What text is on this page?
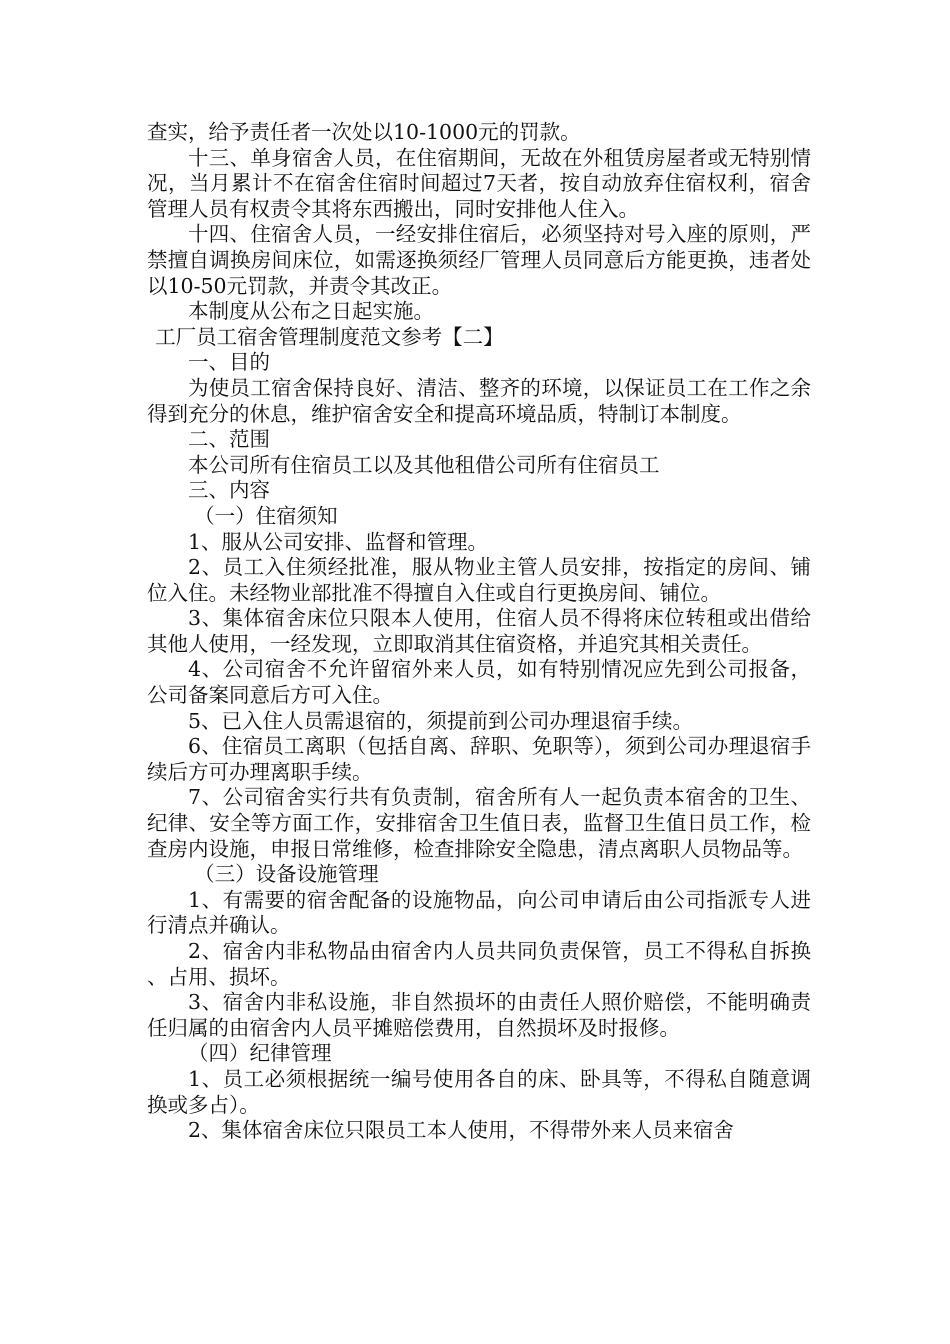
查实，给予责任者一次处以10-1000元的罚款。

十三、单身宿舍人员，在住宿期间，无故在外租赁房屋者或无特别情况，当月累计不在宿舍住宿时间超过7天者，按自动放弃住宿权利，宿舍管理人员有权责令其将东西搬出，同时安排他人住入。

十四、住宿舍人员，一经安排住宿后，必须坚持对号入座的原则，严禁擅自调换房间床位，如需逐换须经厂管理人员同意后方能更换，违者处以10-50元罚款，并责令其改正。

本制度从公布之日起实施。

工厂员工宿舍管理制度范文参考【二】

一、目的

为使员工宿舍保持良好、清洁、整齐的环境，以保证员工在工作之余得到充分的休息，维护宿舍安全和提高环境品质，特制订本制度。

二、范围

本公司所有住宿员工以及其他租借公司所有住宿员工

三、内容

（一）住宿须知

1、服从公司安排、监督和管理。

2、员工入住须经批准，服从物业主管人员安排，按指定的房间、铺位入住。未经物业部批准不得擅自入住或自行更换房间、铺位。

3、集体宿舍床位只限本人使用，住宿人员不得将床位转租或出借给其他人使用，一经发现，立即取消其住宿资格，并追究其相关责任。

4、公司宿舍不允许留宿外来人员，如有特别情况应先到公司报备，公司备案同意后方可入住。

5、已入住人员需退宿的，须提前到公司办理退宿手续。

6、住宿员工离职（包括自离、辞职、免职等），须到公司办理退宿手续后方可办理离职手续。

7、公司宿舍实行共有负责制，宿舍所有人一起负责本宿舍的卫生、纪律、安全等方面工作，安排宿舍卫生值日表，监督卫生值日员工作，检查房内设施，申报日常维修，检查排除安全隐患，清点离职人员物品等。

（三）设备设施管理

1、有需要的宿舍配备的设施物品，向公司申请后由公司指派专人进行清点并确认。

2、宿舍内非私物品由宿舍内人员共同负责保管，员工不得私自拆换、占用、损坏。

3、宿舍内非私设施，非自然损坏的由责任人照价赔偿，不能明确责任归属的由宿舍内人员平摊赔偿费用，自然损坏及时报修。

（四）纪律管理

1、员工必须根据统一编号使用各自的床、卧具等，不得私自随意调换或多占）。

2、集体宿舍床位只限员工本人使用，不得带外来人员来宿舍
